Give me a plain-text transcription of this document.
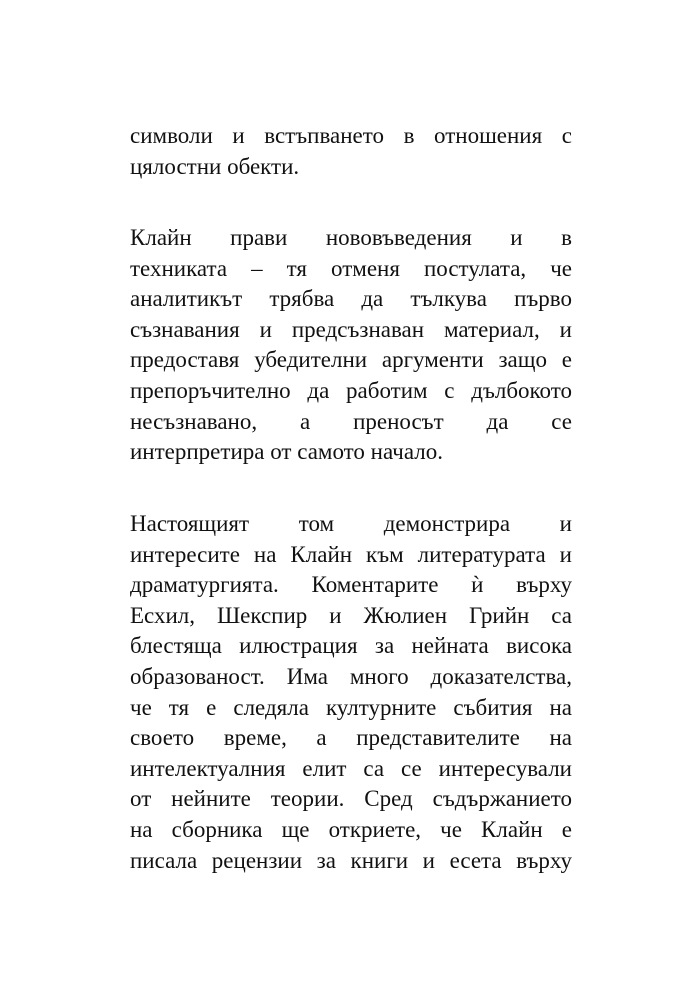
символи и встъпването в отношения с
цялостни обекти.
Клайн прави нововъведения и в
техниката – тя отменя постулата, че
аналитикът трябва да тълкува първо
съзнавания и предсъзнаван материал, и
предоставя убедителни аргументи защо е
препоръчително да работим с дълбокото
несъзнавано, а преносът да се
интерпретира от самото начало.
Настоящият том демонстрира и
интересите на Клайн към литературата и
драматургията. Коментарите ѝ върху
Есхил, Шекспир и Жюлиен Грийн са
блестяща илюстрация за нейната висока
образованост. Има много доказателства,
че тя е следяла културните събития на
своето време, а представителите на
интелектуалния елит са се интересували
от нейните теории. Сред съдържанието
на сборника ще откриете, че Клайн е
писала рецензии за книги и есета върху
